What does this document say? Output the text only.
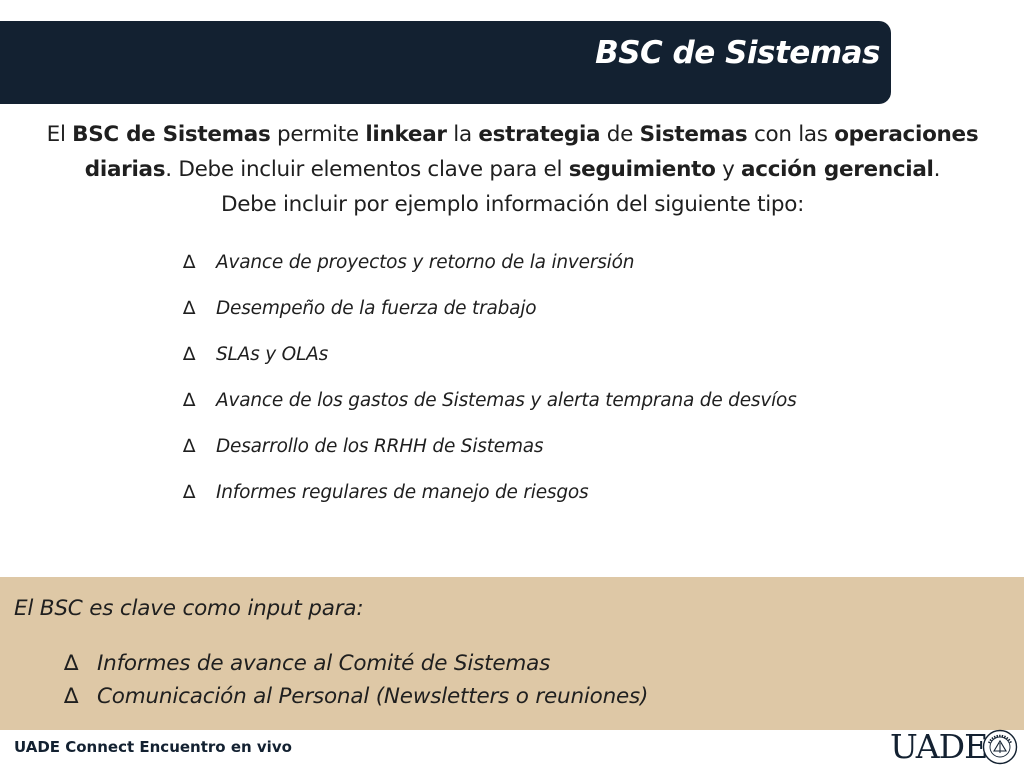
BSC de Sistemas
El BSC de Sistemas permite linkear la estrategia de Sistemas con las operaciones
diarias. Debe incluir elementos clave para el seguimiento y acción gerencial.
Debe incluir por ejemplo información del siguiente tipo:
∆ Avance de proyectos y retorno de la inversión
∆ Desempeño de la fuerza de trabajo
∆ SLAs y OLAs
∆ Avance de los gastos de Sistemas y alerta temprana de desvíos
∆ Desarrollo de los RRHH de Sistemas
∆ Informes regulares de manejo de riesgos
El BSC es clave como input para:
∆ Informes de avance al Comité de Sistemas
∆ Comunicación al Personal (Newsletters o reuniones)
UADE Connect Encuentro en vivo	UADE
